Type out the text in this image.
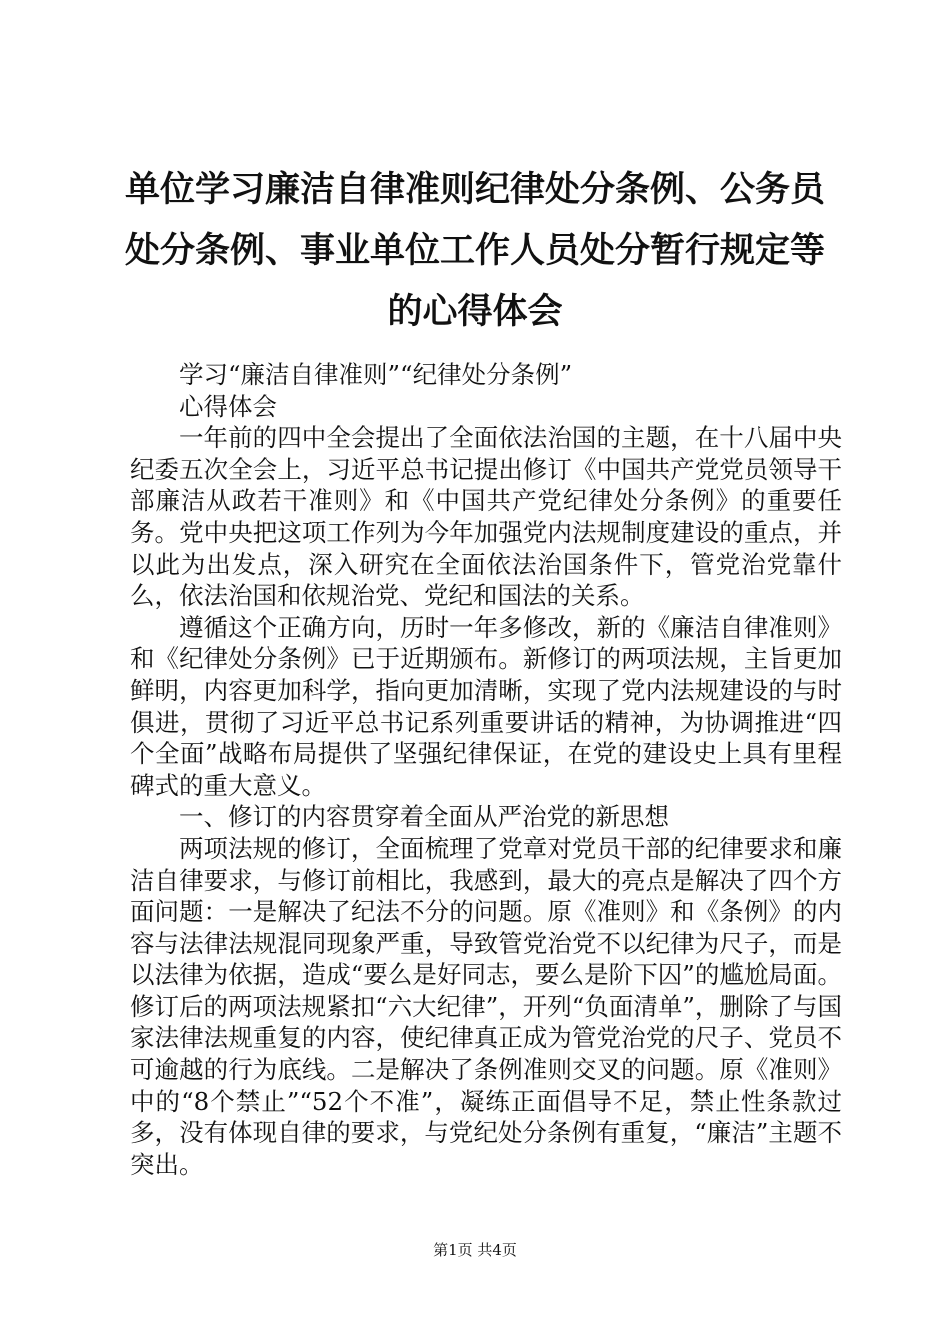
单位学习廉洁自律准则纪律处分条例、公务员
处分条例、事业单位工作人员处分暂行规定等
的心得体会

学习“廉洁自律准则”“纪律处分条例”

心得体会

一年前的四中全会提出了全面依法治国的主题，在十八届中央纪委五次全会上，习近平总书记提出修订《中国共产党党员领导干部廉洁从政若干准则》和《中国共产党纪律处分条例》的重要任务。党中央把这项工作列为今年加强党内法规制度建设的重点，并以此为出发点，深入研究在全面依法治国条件下，管党治党靠什么，依法治国和依规治党、党纪和国法的关系。

遵循这个正确方向，历时一年多修改，新的《廉洁自律准则》和《纪律处分条例》已于近期颁布。新修订的两项法规，主旨更加鲜明，内容更加科学，指向更加清晰，实现了党内法规建设的与时俱进，贯彻了习近平总书记系列重要讲话的精神，为协调推进“四个全面”战略布局提供了坚强纪律保证，在党的建设史上具有里程碑式的重大意义。

一、修订的内容贯穿着全面从严治党的新思想

两项法规的修订，全面梳理了党章对党员干部的纪律要求和廉洁自律要求，与修订前相比，我感到，最大的亮点是解决了四个方面问题：一是解决了纪法不分的问题。原《准则》和《条例》的内容与法律法规混同现象严重，导致管党治党不以纪律为尺子，而是以法律为依据，造成“要么是好同志，要么是阶下囚”的尴尬局面。修订后的两项法规紧扣“六大纪律”，开列“负面清单”，删除了与国家法律法规重复的内容，使纪律真正成为管党治党的尺子、党员不可逾越的行为底线。二是解决了条例准则交叉的问题。原《准则》中的“8个禁止”“52个不准”，凝练正面倡导不足，禁止性条款过多，没有体现自律的要求，与党纪处分条例有重复，“廉洁”主题不突出。

第1页 共4页
